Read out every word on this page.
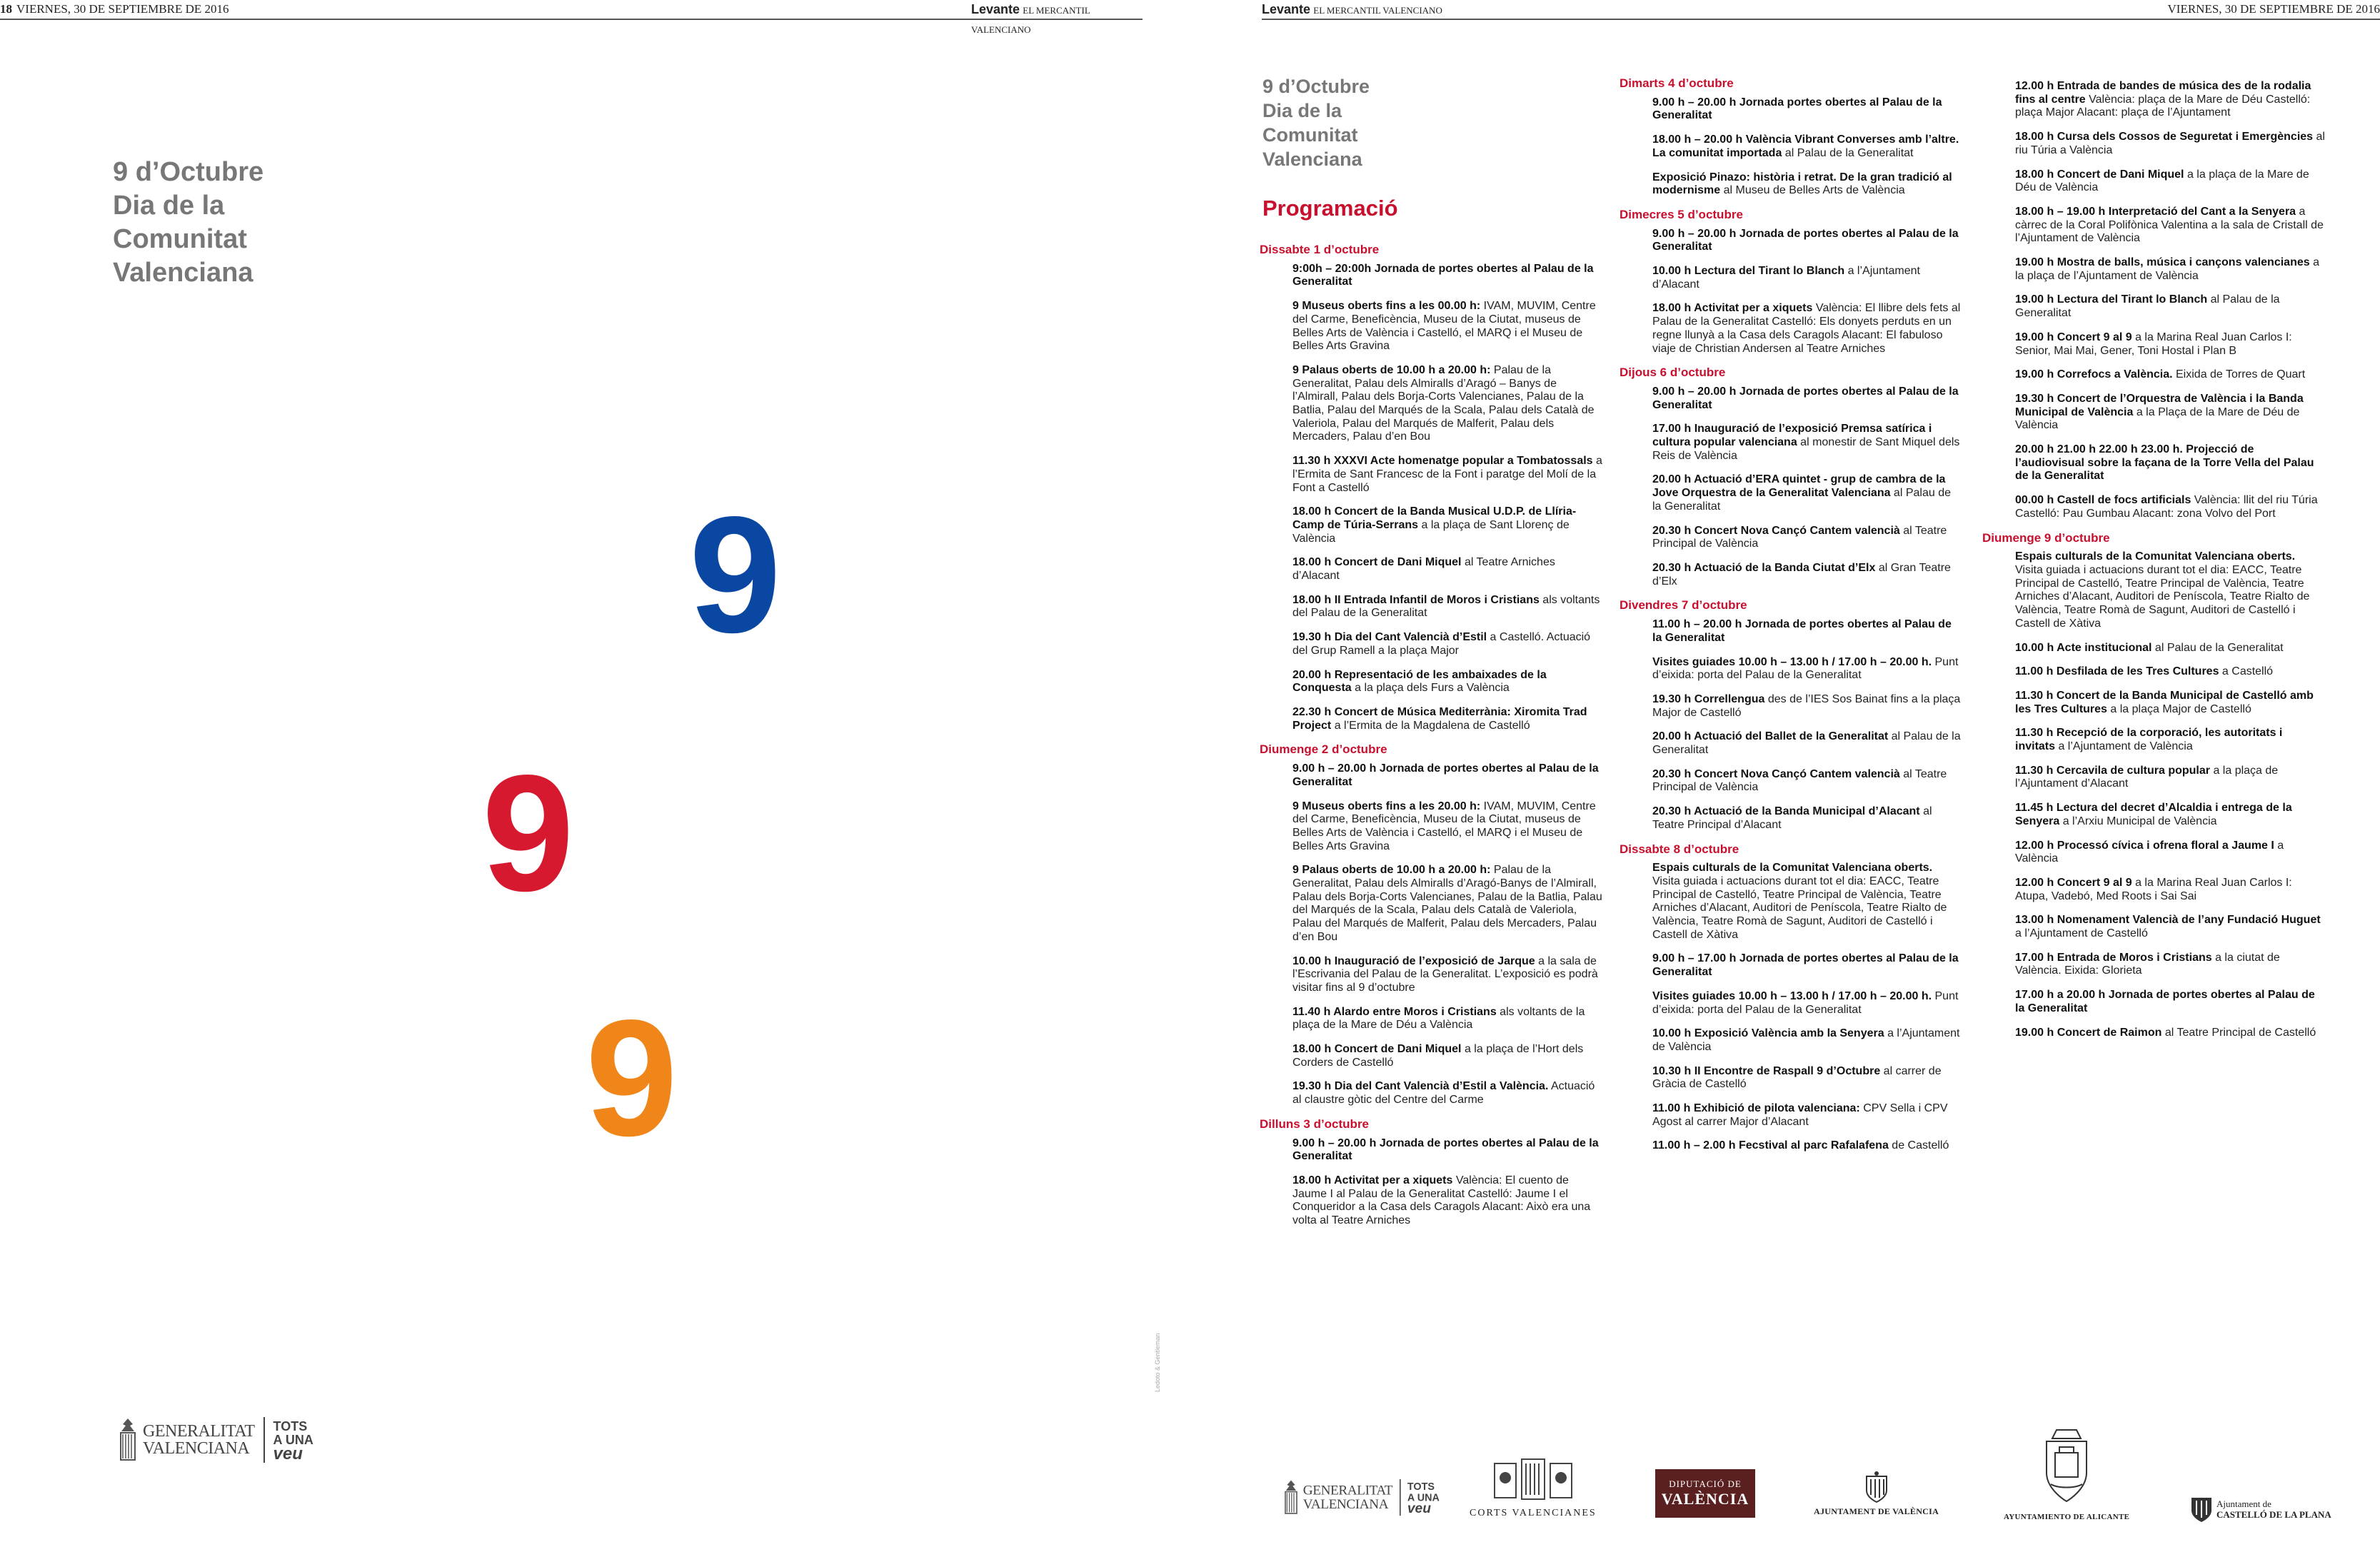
18 VIERNES, 30 DE SEPTIEMBRE DE 2016	Levante EL MERCANTIL VALENCIANO
Levante EL MERCANTIL VALENCIANO	VIERNES, 30 DE SEPTIEMBRE DE 2016
9 d’Octubre
Dia de la
Comunitat
Valenciana
9
9
9
GENERALITAT
VALENCIANA
TOTS
A UNA
veu
Ledoto & Gentleman
9 d’Octubre
Dia de la
Comunitat
Valenciana
Programació
Dissabte 1 d’octubre
9:00h – 20:00h Jornada de portes obertes al Palau de la Generalitat
9 Museus oberts fins a les 00.00 h: IVAM, MUVIM, Centre del Carme, Beneficència, Museu de la Ciutat, museus de Belles Arts de València i Castelló, el MARQ i el Museu de Belles Arts Gravina
9 Palaus oberts de 10.00 h a 20.00 h: Palau de la Generalitat, Palau dels Almiralls d’Aragó – Banys de l’Almirall, Palau dels Borja-Corts Valencianes, Palau de la Batlia, Palau del Marqués de la Scala, Palau dels Català de Valeriola, Palau del Marqués de Malferit, Palau dels Mercaders, Palau d’en Bou
11.30 h XXXVI Acte homenatge popular a Tombatossals a l’Ermita de Sant Francesc de la Font i paratge del Molí de la Font a Castelló
18.00 h Concert de la Banda Musical U.D.P. de Llíria-Camp de Túria-Serrans a la plaça de Sant Llorenç de València
18.00 h Concert de Dani Miquel al Teatre Arniches d’Alacant
18.00 h II Entrada Infantil de Moros i Cristians als voltants del Palau de la Generalitat
19.30 h Dia del Cant Valencià d’Estil a Castelló. Actuació del Grup Ramell a la plaça Major
20.00 h Representació de les ambaixades de la Conquesta a la plaça dels Furs a València
22.30 h Concert de Música Mediterrània: Xiromita Trad Project a l’Ermita de la Magdalena de Castelló
Diumenge 2 d’octubre
9.00 h – 20.00 h Jornada de portes obertes al Palau de la Generalitat
9 Museus oberts fins a les 20.00 h: IVAM, MUVIM, Centre del Carme, Beneficència, Museu de la Ciutat, museus de Belles Arts de València i Castelló, el MARQ i el Museu de Belles Arts Gravina
9 Palaus oberts de 10.00 h a 20.00 h: Palau de la Generalitat, Palau dels Almiralls d’Aragó-Banys de l’Almirall, Palau dels Borja-Corts Valencianes, Palau de la Batlia, Palau del Marqués de la Scala, Palau dels Català de Valeriola, Palau del Marqués de Malferit, Palau dels Mercaders, Palau d’en Bou
10.00 h Inauguració de l’exposició de Jarque a la sala de l’Escrivania del Palau de la Generalitat. L’exposició es podrà visitar fins al 9 d’octubre
11.40 h Alardo entre Moros i Cristians als voltants de la plaça de la Mare de Déu a València
18.00 h Concert de Dani Miquel a la plaça de l’Hort dels Corders de Castelló
19.30 h Dia del Cant Valencià d’Estil a València. Actuació al claustre gòtic del Centre del Carme
Dilluns 3 d’octubre
9.00 h – 20.00 h Jornada de portes obertes al Palau de la Generalitat
18.00 h Activitat per a xiquets València: El cuento de Jaume I al Palau de la Generalitat Castelló: Jaume I el Conqueridor a la Casa dels Caragols Alacant: Això era una volta al Teatre Arniches
Dimarts 4 d’octubre
9.00 h – 20.00 h Jornada portes obertes al Palau de la Generalitat
18.00 h – 20.00 h València Vibrant Converses amb l’altre. La comunitat importada al Palau de la Generalitat
Exposició Pinazo: història i retrat. De la gran tradició al modernisme al Museu de Belles Arts de València
Dimecres 5 d’octubre
9.00 h – 20.00 h Jornada de portes obertes al Palau de la Generalitat
10.00 h Lectura del Tirant lo Blanch a l’Ajuntament d’Alacant
18.00 h Activitat per a xiquets València: El llibre dels fets al Palau de la Generalitat Castelló: Els donyets perduts en un regne llunyà a la Casa dels Caragols Alacant: El fabuloso viaje de Christian Andersen al Teatre Arniches
Dijous 6 d’octubre
9.00 h – 20.00 h Jornada de portes obertes al Palau de la Generalitat
17.00 h Inauguració de l’exposició Premsa satírica i cultura popular valenciana al monestir de Sant Miquel dels Reis de València
20.00 h Actuació d’ERA quintet - grup de cambra de la Jove Orquestra de la Generalitat Valenciana al Palau de la Generalitat
20.30 h Concert Nova Cançó Cantem valencià al Teatre Principal de València
20.30 h Actuació de la Banda Ciutat d’Elx al Gran Teatre d’Elx
Divendres 7 d’octubre
11.00 h – 20.00 h Jornada de portes obertes al Palau de la Generalitat
Visites guiades 10.00 h – 13.00 h / 17.00 h – 20.00 h. Punt d’eixida: porta del Palau de la Generalitat
19.30 h Correllengua des de l’IES Sos Bainat fins a la plaça Major de Castelló
20.00 h Actuació del Ballet de la Generalitat al Palau de la Generalitat
20.30 h Concert Nova Cançó Cantem valencià al Teatre Principal de València
20.30 h Actuació de la Banda Municipal d’Alacant al Teatre Principal d’Alacant
Dissabte 8 d’octubre
Espais culturals de la Comunitat Valenciana oberts. Visita guiada i actuacions durant tot el dia: EACC, Teatre Principal de Castelló, Teatre Principal de València, Teatre Arniches d’Alacant, Auditori de Peníscola, Teatre Rialto de València, Teatre Romà de Sagunt, Auditori de Castelló i Castell de Xàtiva
9.00 h – 17.00 h Jornada de portes obertes al Palau de la Generalitat
Visites guiades 10.00 h – 13.00 h / 17.00 h – 20.00 h. Punt d’eixida: porta del Palau de la Generalitat
10.00 h Exposició València amb la Senyera a l’Ajuntament de València
10.30 h II Encontre de Raspall 9 d’Octubre al carrer de Gràcia de Castelló
11.00 h Exhibició de pilota valenciana: CPV Sella i CPV Agost al carrer Major d’Alacant
11.00 h – 2.00 h Fecstival al parc Rafalafena de Castelló
12.00 h Entrada de bandes de música des de la rodalia fins al centre València: plaça de la Mare de Déu Castelló: plaça Major Alacant: plaça de l’Ajuntament
18.00 h Cursa dels Cossos de Seguretat i Emergències al riu Túria a València
18.00 h Concert de Dani Miquel a la plaça de la Mare de Déu de València
18.00 h – 19.00 h Interpretació del Cant a la Senyera a càrrec de la Coral Polifònica Valentina a la sala de Cristall de l’Ajuntament de València
19.00 h Mostra de balls, música i cançons valencianes a la plaça de l’Ajuntament de València
19.00 h Lectura del Tirant lo Blanch al Palau de la Generalitat
19.00 h Concert 9 al 9 a la Marina Real Juan Carlos I: Senior, Mai Mai, Gener, Toni Hostal i Plan B
19.00 h Correfocs a València. Eixida de Torres de Quart
19.30 h Concert de l’Orquestra de València i la Banda Municipal de València a la Plaça de la Mare de Déu de València
20.00 h 21.00 h 22.00 h 23.00 h. Projecció de l’audiovisual sobre la façana de la Torre Vella del Palau de la Generalitat
00.00 h Castell de focs artificials València: llit del riu Túria Castelló: Pau Gumbau Alacant: zona Volvo del Port
Diumenge 9 d’octubre
Espais culturals de la Comunitat Valenciana oberts. Visita guiada i actuacions durant tot el dia: EACC, Teatre Principal de Castelló, Teatre Principal de València, Teatre Arniches d’Alacant, Auditori de Peníscola, Teatre Rialto de València, Teatre Romà de Sagunt, Auditori de Castelló i Castell de Xàtiva
10.00 h Acte institucional al Palau de la Generalitat
11.00 h Desfilada de les Tres Cultures a Castelló
11.30 h Concert de la Banda Municipal de Castelló amb les Tres Cultures a la plaça Major de Castelló
11.30 h Recepció de la corporació, les autoritats i invitats a l’Ajuntament de València
11.30 h Cercavila de cultura popular a la plaça de l’Ajuntament d’Alacant
11.45 h Lectura del decret d’Alcaldia i entrega de la Senyera a l’Arxiu Municipal de València
12.00 h Processó cívica i ofrena floral a Jaume I a València
12.00 h Concert 9 al 9 a la Marina Real Juan Carlos I: Atupa, Vadebó, Med Roots i Sai Sai
13.00 h Nomenament Valencià de l’any Fundació Huguet a l’Ajuntament de Castelló
17.00 h Entrada de Moros i Cristians a la ciutat de València. Eixida: Glorieta
17.00 h a 20.00 h Jornada de portes obertes al Palau de la Generalitat
19.00 h Concert de Raimon al Teatre Principal de Castelló
GENERALITAT
VALENCIANA
TOTS
A UNA
veu	CORTS VALENCIANES
DIPUTACIÓ DE
VALÈNCIA
AJUNTAMENT DE VALÈNCIA
AYUNTAMIENTO DE ALICANTE
Ajuntament de
CASTELLÓ DE LA PLANA
